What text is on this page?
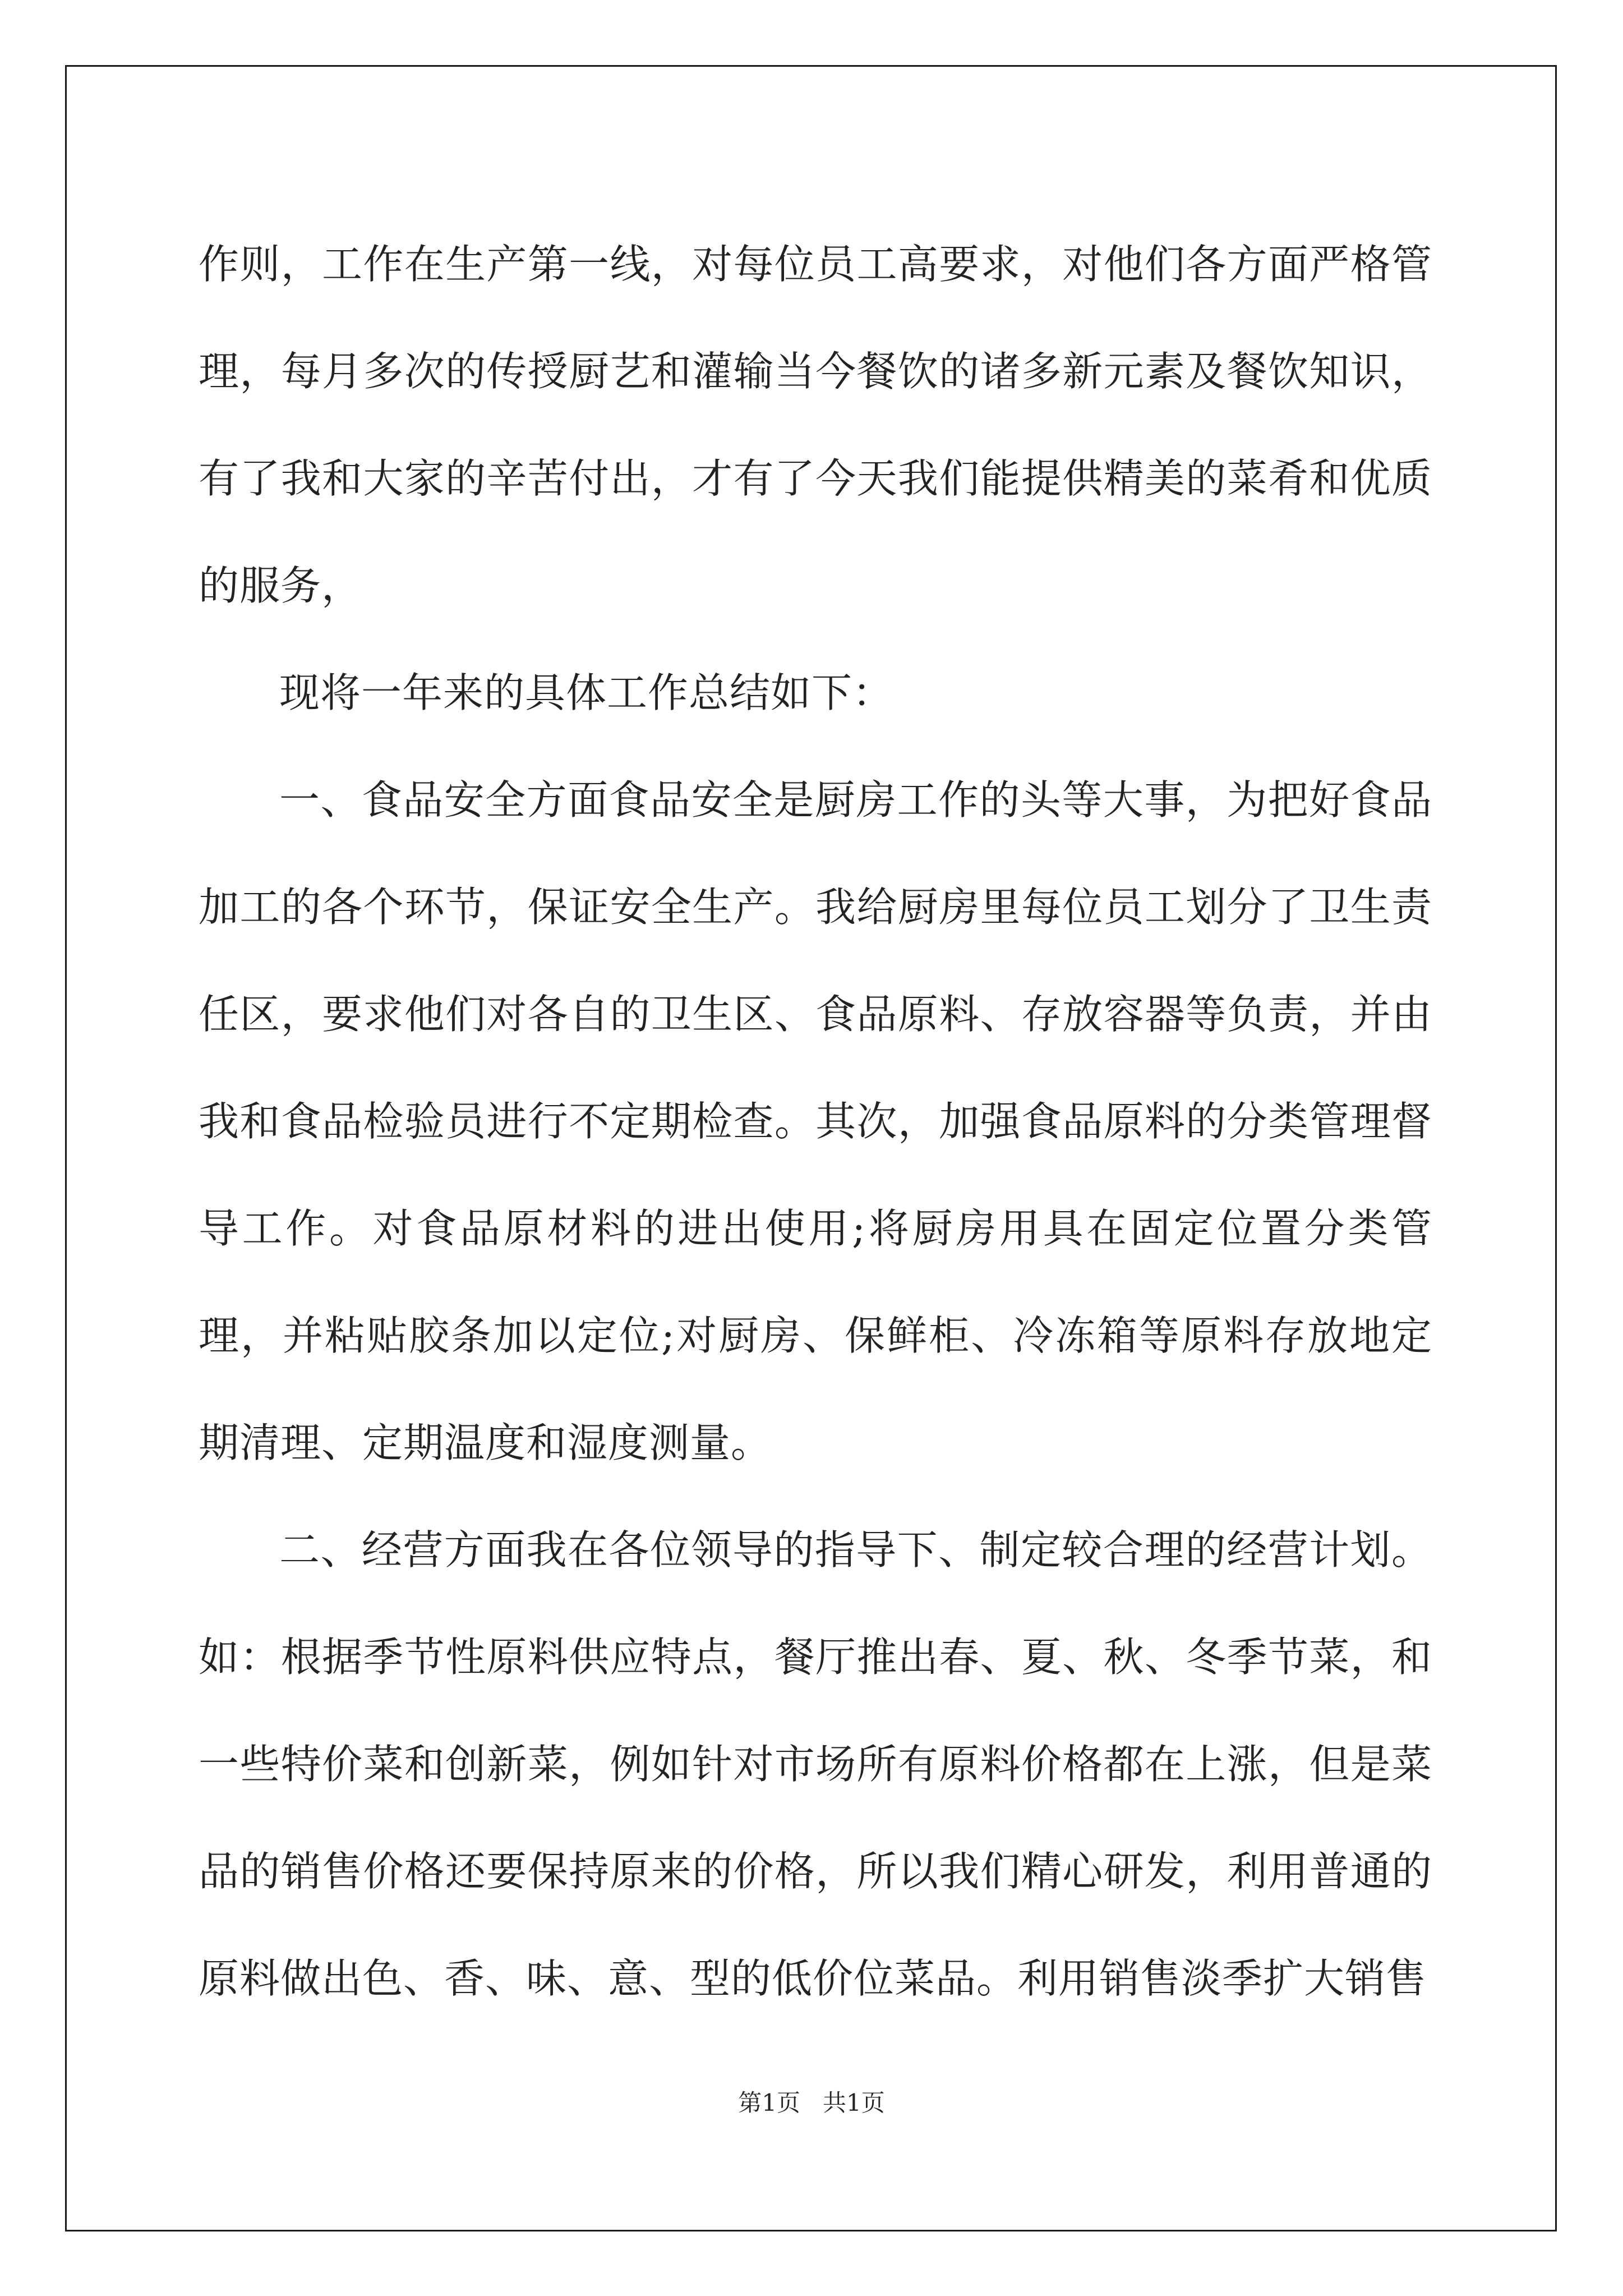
作则，工作在生产第一线，对每位员工高要求，对他们各方面严格管理，每月多次的传授厨艺和灌输当今餐饮的诸多新元素及餐饮知识，有了我和大家的辛苦付出，才有了今天我们能提供精美的菜肴和优质的服务，

现将一年来的具体工作总结如下：

一、食品安全方面食品安全是厨房工作的头等大事，为把好食品加工的各个环节，保证安全生产。我给厨房里每位员工划分了卫生责任区，要求他们对各自的卫生区、食品原料、存放容器等负责，并由我和食品检验员进行不定期检查。其次，加强食品原料的分类管理督导工作。对食品原材料的进出使用;将厨房用具在固定位置分类管理，并粘贴胶条加以定位;对厨房、保鲜柜、冷冻箱等原料存放地定期清理、定期温度和湿度测量。

二、经营方面我在各位领导的指导下、制定较合理的经营计划。如：根据季节性原料供应特点，餐厅推出春、夏、秋、冬季节菜，和一些特价菜和创新菜，例如针对市场所有原料价格都在上涨，但是菜品的销售价格还要保持原来的价格，所以我们精心研发，利用普通的原料做出色、香、味、意、型的低价位菜品。利用销售淡季扩大销售

第1页   共1页
